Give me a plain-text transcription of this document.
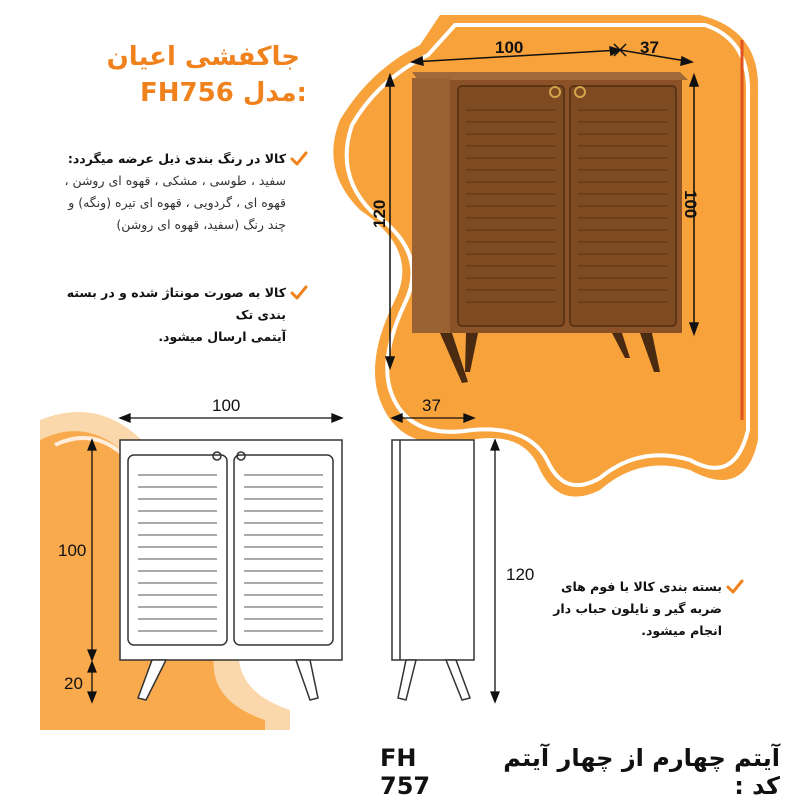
جاکفشی اعیان
FH756 مدل:
کالا در رنگ بندی ذیل عرضه میگردد:
سفید ، طوسی ، مشکی ، قهوه ای روشن ،
قهوه ای ، گردویی ، قهوه ای تیره (ونگه) و
چند رنگ (سفید، قهوه ای روشن)
کالا به صورت مونتاژ شده و در بسته بندی تک
آیتمی ارسال میشود.
بسته بندی کالا با فوم های
ضربه گیر و نایلون حباب دار
انجام میشود.
100	37
100
120
100
100
20
37
120
FH 757
آیتم چهارم از چهار آیتم کد :
